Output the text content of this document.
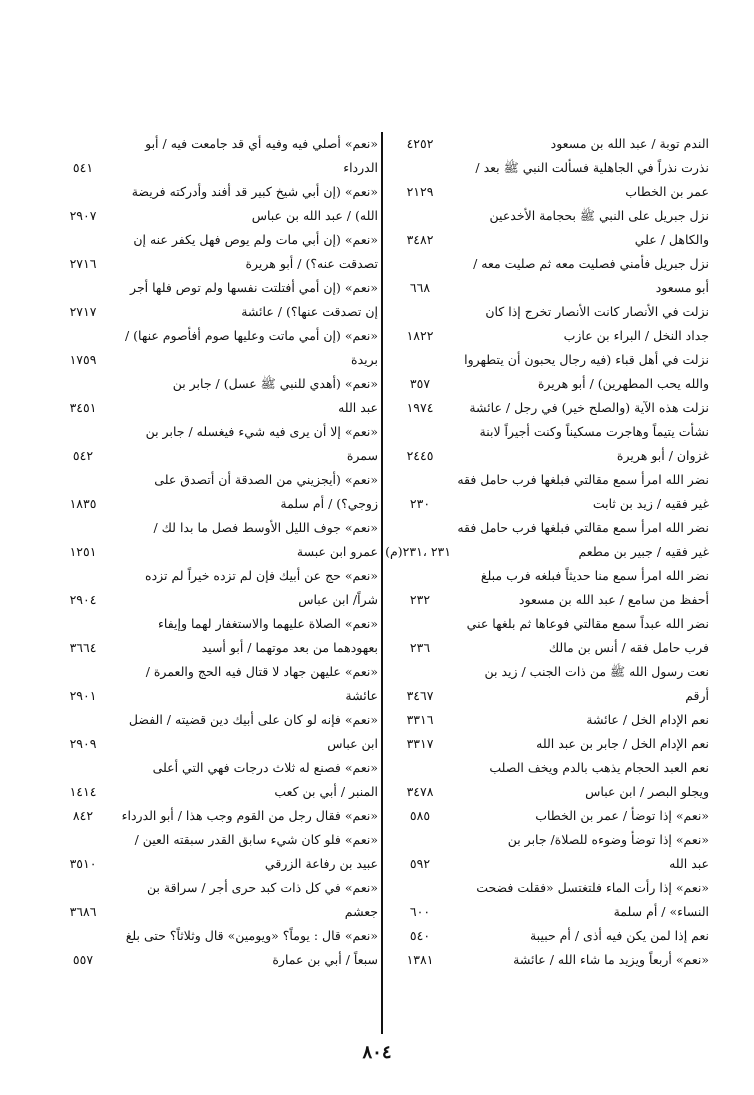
الندم توبة / عبد الله بن مسعود
٤٢٥٢
نذرت نذراً في الجاهلية فسألت النبي ﷺ بعد /
عمر بن الخطاب
٢١٢٩
نزل جبريل على النبي ﷺ بحجامة الأخدعين
والكاهل / علي
٣٤٨٢
نزل جبريل فأمني فصليت معه ثم صليت معه /
أبو مسعود
٦٦٨
نزلت في الأنصار كانت الأنصار تخرج إذا كان
جداد النخل / البراء بن عازب
١٨٢٢
نزلت في أهل قباء (فيه رجال يحبون أن يتطهروا
والله يحب المطهرين) / أبو هريرة
٣٥٧
نزلت هذه الآية (والصلح خير) في رجل / عائشة
١٩٧٤
نشأت يتيماً وهاجرت مسكيناً وكنت أجيراً لابنة
غزوان / أبو هريرة
٢٤٤٥
نضر الله امرأ سمع مقالتي فبلغها فرب حامل فقه
غير فقيه / زيد بن ثابت
٢٣٠
نضر الله امرأ سمع مقالتي فبلغها فرب حامل فقه
غير فقيه / جبير بن مطعم
٢٣١ ،٢٣١(م)
نضر الله امرأ سمع منا حديثاً فبلغه فرب مبلغ
أحفظ من سامع / عبد الله بن مسعود
٢٣٢
نضر الله عبداً سمع مقالتي فوعاها ثم بلغها عني
فرب حامل فقه / أنس بن مالك
٢٣٦
نعت رسول الله ﷺ من ذات الجنب / زيد بن
أرقم
٣٤٦٧
نعم الإدام الخل / عائشة
٣٣١٦
نعم الإدام الخل / جابر بن عبد الله
٣٣١٧
نعم العبد الحجام يذهب بالدم ويخف الصلب
ويجلو البصر / ابن عباس
٣٤٧٨
«نعم» إذا توضأ / عمر بن الخطاب
٥٨٥
«نعم» إذا توضأ وضوءه للصلاة/ جابر بن
عبد الله
٥٩٢
«نعم» إذا رأت الماء فلتغتسل «فقلت فضحت
النساء» / أم سلمة
٦٠٠
نعم إذا لمن يكن فيه أذى / أم حبيبة
٥٤٠
«نعم» أربعاً ويزيد ما شاء الله / عائشة
١٣٨١
«نعم» أصلي فيه وفيه أي قد جامعت فيه / أبو
الدرداء
٥٤١
«نعم» (إن أبي شيخ كبير قد أفند وأدركته فريضة
الله) / عبد الله بن عباس
٢٩٠٧
«نعم» (إن أبي مات ولم يوص فهل يكفر عنه إن
تصدقت عنه؟) / أبو هريرة
٢٧١٦
«نعم» (إن أمي أفتلتت نفسها ولم توص فلها أجر
إن تصدقت عنها؟) / عائشة
٢٧١٧
«نعم» (إن أمي ماتت وعليها صوم أفأصوم عنها) /
بريدة
١٧٥٩
«نعم» (أهدي للنبي ﷺ عسل) / جابر بن
عبد الله
٣٤٥١
«نعم» إلا أن يرى فيه شيء فيغسله / جابر بن
سمرة
٥٤٢
«نعم» (أيجزيني من الصدقة أن أتصدق على
زوجي؟) / أم سلمة
١٨٣٥
«نعم» جوف الليل الأوسط فصل ما بدا لك /
عمرو ابن عبسة
١٢٥١
«نعم» حج عن أبيك فإن لم تزده خيراً لم تزده
شراً/ ابن عباس
٢٩٠٤
«نعم» الصلاة عليهما والاستغفار لهما وإيفاء
بعهودهما من بعد موتهما / أبو أسيد
٣٦٦٤
«نعم» عليهن جهاد لا قتال فيه الحج والعمرة /
عائشة
٢٩٠١
«نعم» فإنه لو كان على أبيك دين قضيته / الفضل
ابن عباس
٢٩٠٩
«نعم» فصنع له ثلاث درجات فهي التي أعلى
المنبر / أبي بن كعب
١٤١٤
«نعم» فقال رجل من القوم وجب هذا / أبو الدرداء
٨٤٢
«نعم» فلو كان شيء سابق القدر سبقته العين /
عبيد بن رفاعة الزرقي
٣٥١٠
«نعم» في كل ذات كبد حرى أجر / سراقة بن
جعشم
٣٦٨٦
«نعم» قال : يوماً؟ «ويومين» قال وثلاثاً؟ حتى بلغ
سبعاً / أبي بن عمارة
٥٥٧
٨٠٤
